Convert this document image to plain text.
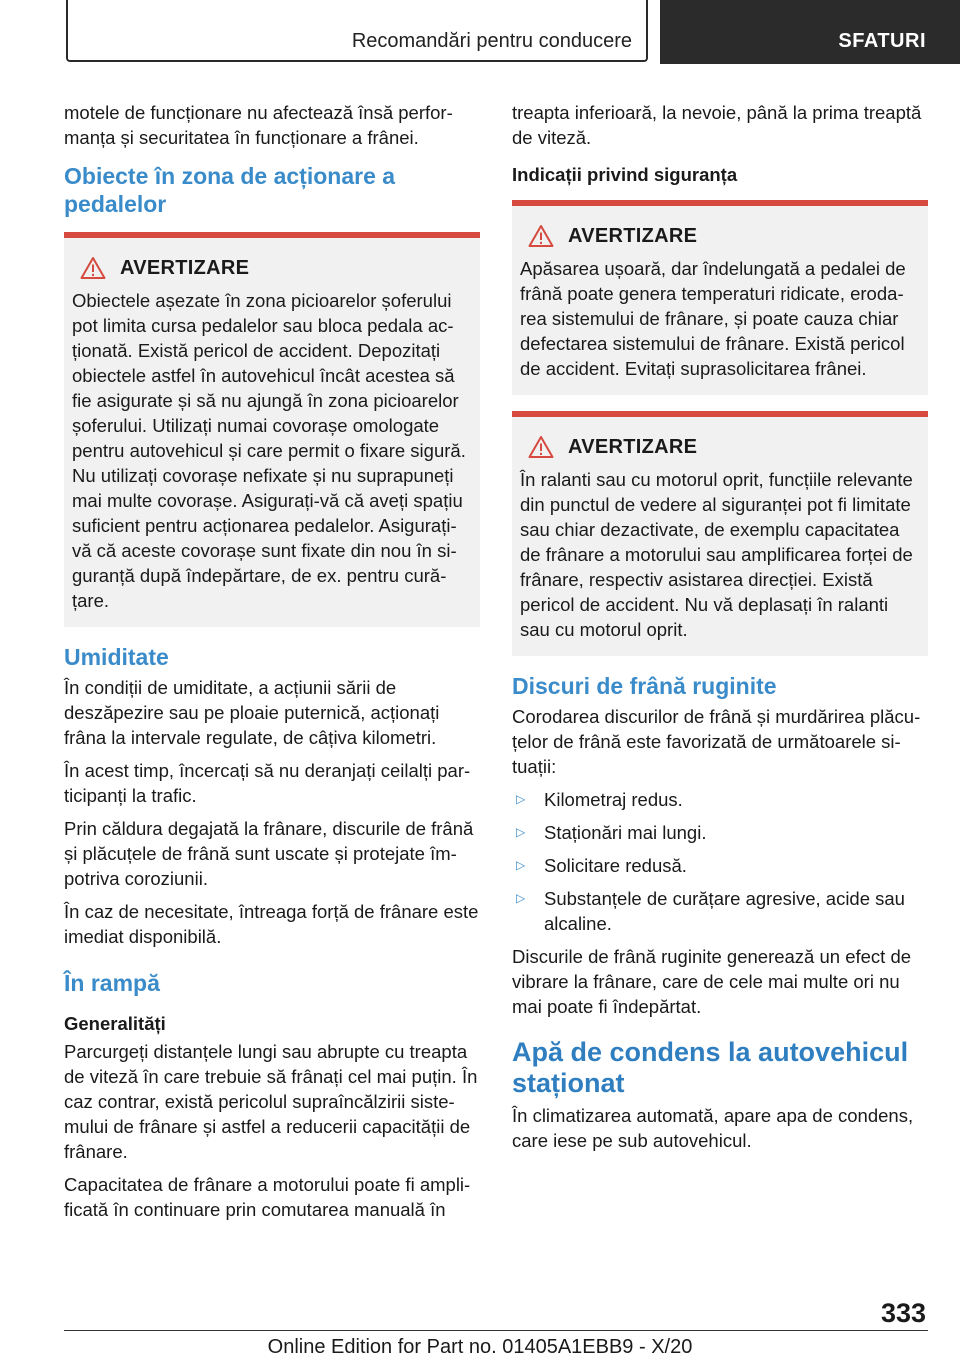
Recomandări pentru conducere	SFATURI

motele de funcționare nu afectează însă performanța și securitatea în funcționare a frânei.

Obiecte în zona de acționare a pedalelor
AVERTIZARE

Obiectele așezate în zona picioarelor șoferului pot limita cursa pedalelor sau bloca pedala acționată. Există pericol de accident. Depozitați obiectele astfel în autovehicul încât acestea să fie asigurate și să nu ajungă în zona picioarelor șoferului. Utilizați numai covorașe omologate pentru autovehicul și care permit o fixare sigură. Nu utilizați covorașe nefixate și nu suprapuneți mai multe covorașe. Asigurați-vă că aveți spațiu suficient pentru acționarea pedalelor. Asigurați-vă că aceste covorașe sunt fixate din nou în siguranță după îndepărtare, de ex. pentru curățare.

Umiditate

În condiții de umiditate, a acțiunii sării de deszăpezire sau pe ploaie puternică, acționați frâna la intervale regulate, de câțiva kilometri.

În acest timp, încercați să nu deranjați ceilalți participanți la trafic.

Prin căldura degajată la frânare, discurile de frână și plăcuțele de frână sunt uscate și protejate împotriva coroziunii.

În caz de necesitate, întreaga forță de frânare este imediat disponibilă.

În rampă
Generalități

Parcurgeți distanțele lungi sau abrupte cu treapta de viteză în care trebuie să frânați cel mai puțin. În caz contrar, există pericolul supraîncălzirii sistemului de frânare și astfel a reducerii capacității de frânare.

Capacitatea de frânare a motorului poate fi amplificată în continuare prin comutarea manuală în

treapta inferioară, la nevoie, până la prima treaptă de viteză.

Indicații privind siguranța
AVERTIZARE

Apăsarea ușoară, dar îndelungată a pedalei de frână poate genera temperaturi ridicate, erodarea sistemului de frânare, și poate cauza chiar defectarea sistemului de frânare. Există pericol de accident. Evitați suprasolicitarea frânei.

AVERTIZARE

În ralanti sau cu motorul oprit, funcțiile relevante din punctul de vedere al siguranței pot fi limitate sau chiar dezactivate, de exemplu capacitatea de frânare a motorului sau amplificarea forței de frânare, respectiv asistarea direcției. Există pericol de accident. Nu vă deplasați în ralanti sau cu motorul oprit.

Discuri de frână ruginite

Corodarea discurilor de frână și murdărirea plăcuțelor de frână este favorizată de următoarele situații:

▷ Kilometraj redus.
▷ Staționări mai lungi.
▷ Solicitare redusă.
▷ Substanțele de curățare agresive, acide sau alcaline.

Discurile de frână ruginite generează un efect de vibrare la frânare, care de cele mai multe ori nu mai poate fi îndepărtat.

Apă de condens la autovehicul staționat

În climatizarea automată, apare apa de condens, care iese pe sub autovehicul.

333
Online Edition for Part no. 01405A1EBB9 - X/20
